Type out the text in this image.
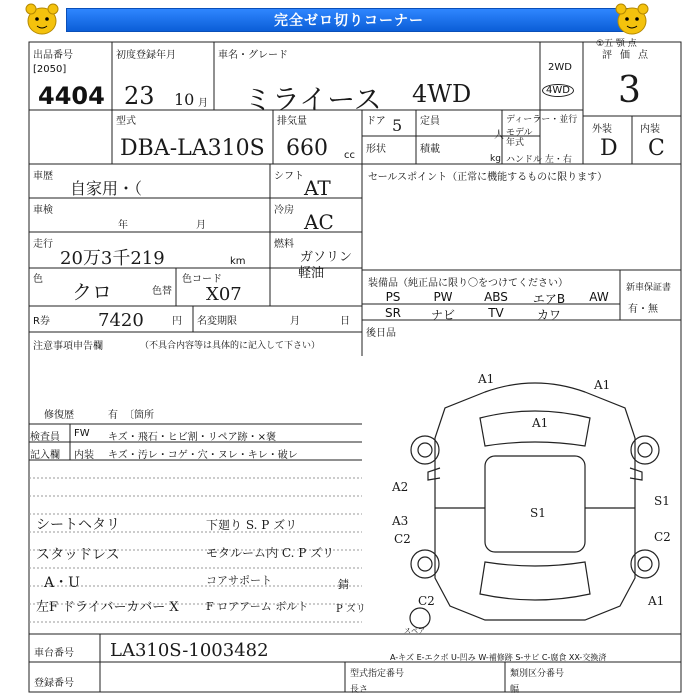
完全ゼロ切りコーナー
①五 顎 点
出品番号
[2050]
4404
初度登録年月
23 10 月
車名・グレード
ミライース 4WD
2WD
4WD
評価点
3
外装	内装
D C
型式
DBA-LA310S
排気量
660 cc
ドア 5 定員
人
ディーラー・並行
モデル年式
ハンドル 左・右
形状	積載
kg
車歴
自家用・（
シフト AT	セールスポイント（正常に機能するものに限ります）
車検
年	月
冷房 AC
走行
20万3千219	km
燃料
ガソリン
軽油
色
クロ	色替
色コード
X07
装備品（純正品に限り〇をつけてください）
PS	PW	ABS	エアB	AW
SR	ナビ	TV	カワ
新車保証書
有・無
R券	7420	円 名変期限	月	日
後日品
注意事項申告欄	（不具合内容等は具体的に記入して下さい）
修復歴	有 〔箇所
検査員
記入欄
FW キズ・飛石・ヒビ割・リペア跡・×褒
内装 キズ・汚レ・コゲ・穴・ヌレ・キレ・破レ
シートヘタリ
スタッドレス
A・U
左F ドライバーカバー X
下廻り S. P ズリ
モタルーム内 C. P ズリ
コアサポート
F ロアアーム ボルト
錆
P ズリ
A1	A1
A1
A2
A3
C2
S1
S1
C2
C2	A1
スペア
A-キズ E-エクボ U-凹み W-補修跡 S-サビ C-腐食 XX-交換済
車台番号 LA310S-1003482
登録番号
型式指定番号	類別区分番号
長さ	幅
